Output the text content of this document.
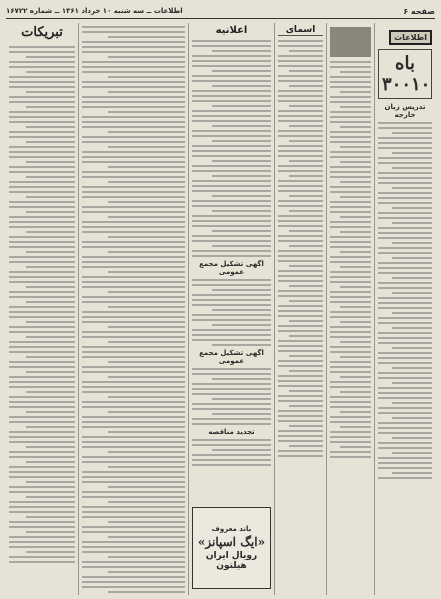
صفحه ۶
اطلاعات ــ سه شنبه ۱۰ خرداد ۱۳۶۱ ــ شماره ۱۶۷۲۲
تبریکات	اعلانیه
اگهی تشکیل مجمع عمومی
اگهی تشکیل مجمع عمومی
تجدید مناقصه
باند معروف
«ایگ اسپانز»
رویال ایران هیلتون
اسمای
اطلاعات
باه ۳۰۰۱۰
تدریس زبان خارجه
